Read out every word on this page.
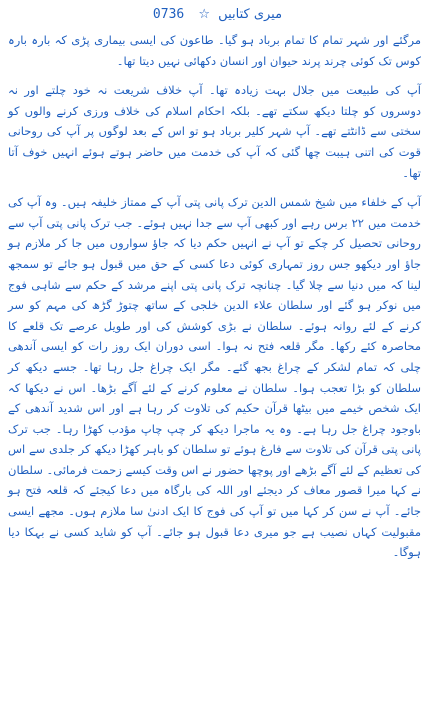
میری کتابیں ☆ 0736

مرگئے اور شہر تمام کا تمام برباد ہو گیا۔ طاعون کی ایسی بیماری پڑی کہ بارہ بارہ کوس تک کوئی چرند پرند حیوان اور انسان دکھائی نہیں دیتا تھا۔

آپ کی طبیعت میں جلال بہت زیادہ تھا۔ آپ خلاف شریعت نہ خود چلتے اور نہ دوسروں کو چلتا دیکھ سکتے تھے۔ بلکہ احکام اسلام کی خلاف ورزی کرنے والوں کو سختی سے ڈانٹتے تھے۔ آپ شہر کلیر برباد ہو تو اس کے بعد لوگوں پر آپ کی روحانی قوت کی اتنی ہیبت چھا گئی کہ آپ کی خدمت میں حاضر ہوتے ہوئے انہیں خوف آتا تھا۔

آپ کے خلفاء میں شیخ شمس الدین ترک پانی پتی آپ کے ممتاز خلیفہ ہیں۔ وہ آپ کی خدمت میں ۲۲ برس رہے اور کبھی آپ سے جدا نہیں ہوئے۔ جب ترک پانی پتی آپ سے روحانی تحصیل کر چکے تو آپ نے انہیں حکم دیا کہ جاؤ سواروں میں جا کر ملازم ہو جاؤ اور دیکھو جس روز تمہاری کوئی دعا کسی کے حق میں قبول ہو جائے تو سمجھ لینا کہ میں دنیا سے چلا گیا۔ چنانچہ ترک پانی پتی اپنے مرشد کے حکم سے شاہی فوج میں نوکر ہو گئے اور سلطان علاء الدین خلجی کے ساتھ چتوڑ گڑھ کی مہم کو سر کرنے کے لئے روانہ ہوئے۔ سلطان نے بڑی کوشش کی اور طویل عرصے تک قلعے کا محاصرہ کئے رکھا۔ مگر قلعہ فتح نہ ہوا۔ اسی دوران ایک روز رات کو ایسی آندھی چلی کہ تمام لشکر کے چراغ بجھ گئے۔ مگر ایک چراغ جل رہا تھا۔ جسے دیکھ کر سلطان کو بڑا تعجب ہوا۔ سلطان نے معلوم کرنے کے لئے آگے بڑھا۔ اس نے دیکھا کہ ایک شخص خیمے میں بیٹھا قرآن حکیم کی تلاوت کر رہا ہے اور اس شدید آندھی کے باوجود چراغ جل رہا ہے۔ وہ یہ ماجرا دیکھ کر چپ چاپ مؤدب کھڑا رہا۔ جب ترک پانی پتی قرآن کی تلاوت سے فارغ ہوئے تو سلطان کو باہر کھڑا دیکھ کر جلدی سے اس کی تعظیم کے لئے آگے بڑھے اور پوچھا حضور نے اس وقت کیسے زحمت فرمائی۔ سلطان نے کہا میرا قصور معاف کر دیجئے اور اللہ کی بارگاہ میں دعا کیجئے کہ قلعہ فتح ہو جائے۔ آپ نے سن کر کہا میں تو آپ کی فوج کا ایک ادنیٰ سا ملازم ہوں۔ مجھے ایسی مقبولیت کہاں نصیب ہے جو میری دعا قبول ہو جائے۔ آپ کو شاید کسی نے بہکا دیا ہوگا۔
